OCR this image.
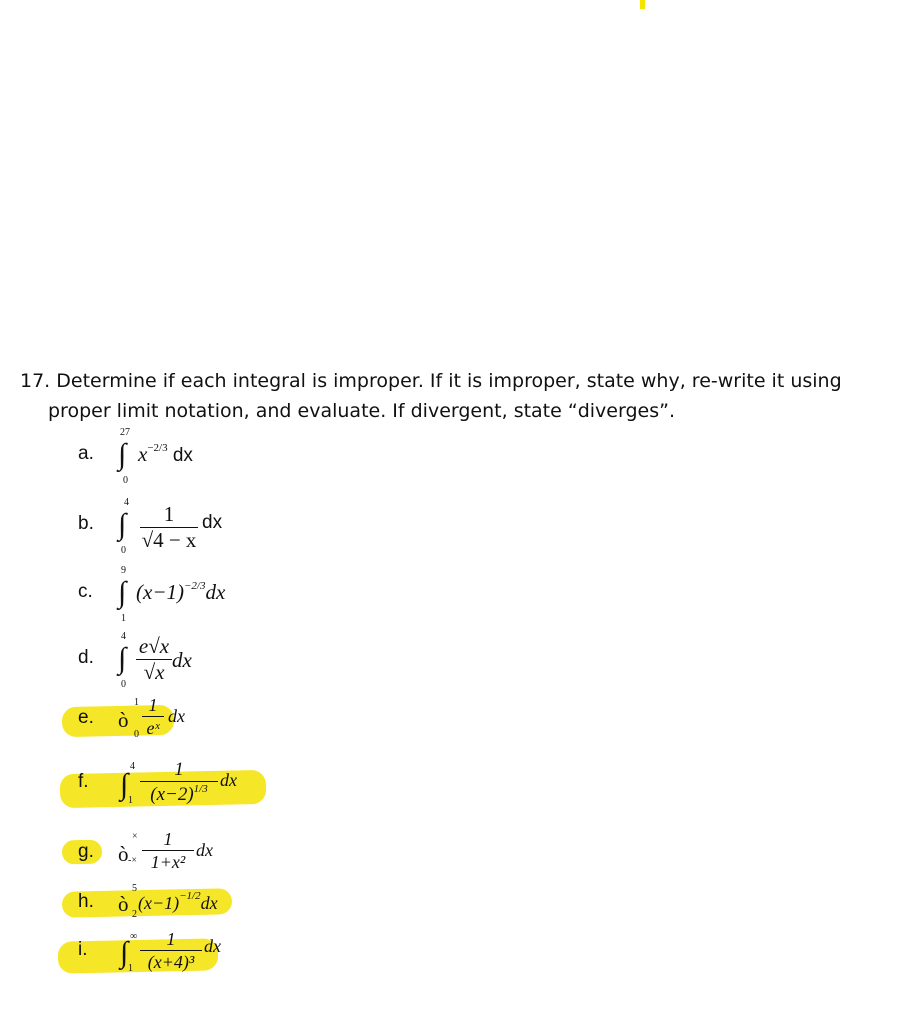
17. Determine if each integral is improper. If it is improper, state why, re-write it using
proper limit notation, and evaluate. If divergent, state “diverges”.
a.
27
∫
0
$x^{-2/3}$ dx
b.
4
∫
$0 \frac{1}{√4 - x}$ dx
c.
9
∫
1
$(x-1)^{-2/3}dx$
d.
4
∫
0
$\frac{e√x}{√x}$ dx
e. ò
1
$0 \frac{1}{\text{eˣ}}$ dx
f.
4
∫ $1 \frac{1}{(x-2)^{1/3}}$ dx
g. ò
×
-× $\frac{1}{\text{1+x²}}$ dx
h. ò
5
2
$(x-1)^{-1/2}dx$
i.
∞
∫ $1 \frac{1}{\text{(x+4)³}}$ dx
